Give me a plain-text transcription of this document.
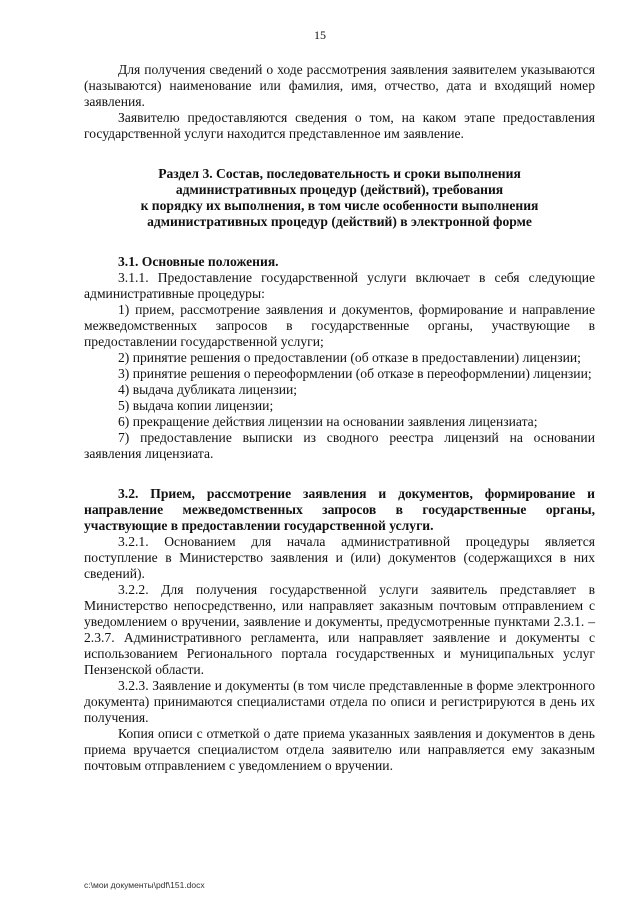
15

Для получения сведений о ходе рассмотрения заявления заявителем указываются (называются) наименование или фамилия, имя, отчество, дата и входящий номер заявления.

Заявителю предоставляются сведения о том, на каком этапе предоставления государственной услуги находится представленное им заявление.

Раздел 3. Состав, последовательность и сроки выполнения

административных процедур (действий), требования

к порядку их выполнения, в том числе особенности выполнения

административных процедур (действий) в электронной форме

3.1. Основные положения.

3.1.1. Предоставление государственной услуги включает в себя следующие административные процедуры:

1) прием, рассмотрение заявления и документов, формирование и направление межведомственных запросов в государственные органы, участвующие в предоставлении государственной услуги;

2) принятие решения о предоставлении (об отказе в предоставлении) лицензии;

3) принятие решения о переоформлении (об отказе в переоформлении) лицензии;

4) выдача дубликата лицензии;

5) выдача копии лицензии;

6) прекращение действия лицензии на основании заявления лицензиата;

7) предоставление выписки из сводного реестра лицензий на основании заявления лицензиата.

3.2. Прием, рассмотрение заявления и документов, формирование и направление межведомственных запросов в государственные органы, участвующие в предоставлении государственной услуги.

3.2.1. Основанием для начала административной процедуры является поступление в Министерство заявления и (или) документов (содержащихся в них сведений).

3.2.2. Для получения государственной услуги заявитель представляет в Министерство непосредственно, или направляет заказным почтовым отправлением с уведомлением о вручении, заявление и документы, предусмотренные пунктами 2.3.1. – 2.3.7. Административного регламента, или направляет заявление и документы с использованием Регионального портала государственных и муниципальных услуг Пензенской области.

3.2.3. Заявление и документы (в том числе представленные в форме электронного документа) принимаются специалистами отдела по описи и регистрируются в день их получения.

Копия описи с отметкой о дате приема указанных заявления и документов в день приема вручается специалистом отдела заявителю или направляется ему заказным почтовым отправлением с уведомлением о вручении.

c:\мои документы\pdf\151.docx
